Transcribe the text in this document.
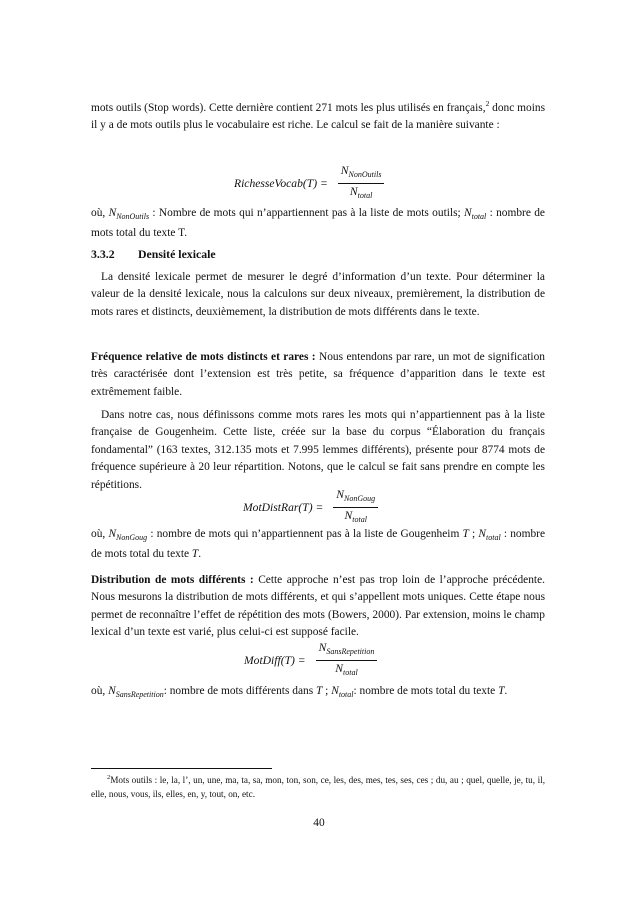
mots outils (Stop words). Cette dernière contient 271 mots les plus utilisés en français,$^2$ donc moins il y a de mots outils plus le vocabulaire est riche. Le calcul se fait de la manière suivante :

RichesseVocab(T) = $\frac{N_{NonOutils}}{N_{total}}$

où, $N_{NonOutils}$ : Nombre de mots qui n’appartiennent pas à la liste de mots outils; $N_{total}$ : nombre de mots total du texte T.

3.3.2 Densité lexicale

La densité lexicale permet de mesurer le degré d’information d’un texte. Pour déterminer la valeur de la densité lexicale, nous la calculons sur deux niveaux, premièrement, la distribution de mots rares et distincts, deuxièmement, la distribution de mots différents dans le texte.

Fréquence relative de mots distincts et rares : Nous entendons par rare, un mot de signification très caractérisée dont l’extension est très petite, sa fréquence d’apparition dans le texte est extrêmement faible.

Dans notre cas, nous définissons comme mots rares les mots qui n’appartiennent pas à la liste française de Gougenheim. Cette liste, créée sur la base du corpus “Élaboration du français fondamental” (163 textes, 312.135 mots et 7.995 lemmes différents), présente pour 8774 mots de fréquence supérieure à 20 leur répartition. Notons, que le calcul se fait sans prendre en compte les répétitions.

MotDistRar(T) = $\frac{N_{NonGoug}}{N_{total}}$

où, $N_{NonGoug}$ : nombre de mots qui n’appartiennent pas à la liste de Gougenheim T ; $N_{total}$ : nombre de mots total du texte T.

Distribution de mots différents : Cette approche n’est pas trop loin de l’approche précédente. Nous mesurons la distribution de mots différents, et qui s’appellent mots uniques. Cette étape nous permet de reconnaître l’effet de répétition des mots (Bowers, 2000). Par extension, moins le champ lexical d’un texte est varié, plus celui-ci est supposé facile.

MotDiff(T) = $\frac{N_{SansRepetition}}{N_{total}}$

où, $N_{SansRepetition}$: nombre de mots différents dans T ; $N_{total}$: nombre de mots total du texte T.

$^2$Mots outils : le, la, l’, un, une, ma, ta, sa, mon, ton, son, ce, les, des, mes, tes, ses, ces ; du, au ; quel, quelle, je, tu, il, elle, nous, vous, ils, elles, en, y, tout, on, etc.

40
